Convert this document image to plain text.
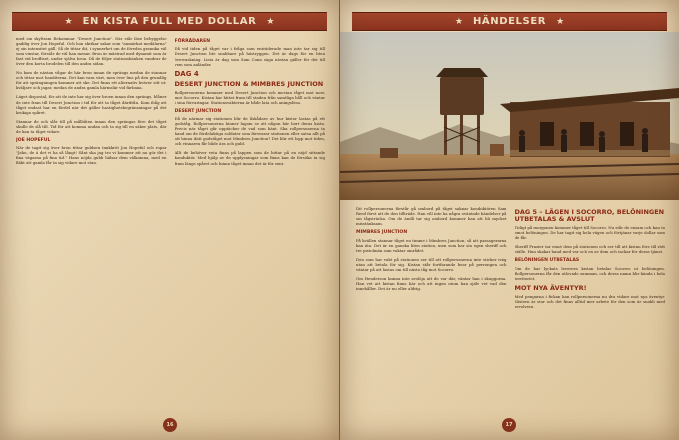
★ EN KISTA FULL MED DOLLAR ★

med sin skyltram Rekommar "Desert Junction". Där står ihse bebyggelse gaddig över Jon Hopeful. Och hon skrikar sakar som "anmärkat medälarna" ej sin intensitet gäll. Så de tittar dit, i synnerhet om de föredra grannka väl som vinstar, förstår de väl han menar. Bron är mästrad med dynamit som är fast vid broffiset, under själva bron. Då de följer stationsbänken vandrar de över den korta brodelen till den andra sidan.

Nu kom de nästan vågar de här bron innan de sprängs medan de stannar och tittar mot banditerna. Det kan vara värt, men över lins på den grundlig för att sprängningen kommer att ske. Det finns ett alternativ kväver sitt ut: kväljare och jagar, medan de andra gamla härmslär vid färbana.

Läget dispostal, för att de inte har sig över broen innan den sprängs, blåner de inte fram till Desert Junction i tid för att ta tåget därifrån. Kom ihåg att tåget endast har en fördel när det gäller hastighetsbegränsningar på det krokiga spåret.

Stannar de och slår till på målbåten innan den sprängas före det tåget skulle de slå till. Tid för att komma undan och ta sig till en säker plats, där de kan ta tåget vidare.

JOE HOPEFUL

När de tagit sig över bron tittar guldsen tankkröt Jon Hopeful och ropar "Jahu, de ä det vi ha så långt! Sånt ska jag tro vi kommer att nu gör det i fina vägarna på fina tid." Hans nöjda gubb hälsar dem välkomna, med en fläkt att gamla får ta sig vidare mot stan.

FÖRRÄDAREN

Då vid tiden på tåget var i fråga som enträderade man inte tar sig till Desert Junction lite snabbare på hästryggen. Det är dags för en liten överraskning. Lista är dag som Sam Conn säga nästan gäller för det till vem som anländer.

DAG 4
DESERT JUNCTION & MIMBRES JUNCTION

Rollpersonerna kommer med Desert Junction och mestan tåget mot norr, mot Socorro. Kistan har hittat fram till staden från samtliga håll och väntar i sina förvaringar. Stationsvakterna är både lata och aningslösa.

DESERT JUNCTION

Då de närmar sig stationen blir de åskådare av hur kistor lastas på ett godståg. Rollpersonerna hinner lagom se att någon bär bort deras kista. Precis när tåget går upptäcker de vad som hänt. Ska rollpersonerna ta hand om de fördelaktiga soldater som försvarar stationen eller satsa allt på att hinna ifatt godståget mot Mimbres Junction? Det blir ett lopp mot tiden, och vinnaren får både ära och guld.

Allt de behöver veta finns på lappen som de hittar på en nöjd sittande konduktör. Med hjälp av de upplysningar som finns kan de försöka ta sig fram längs spåret och hinna tåget innan det är för sent.

16
★ HÄNDELSER ★

Dit rollpersonerna förstår gå ombord på tåget saknar konduktören Sam Reed först att de den tillträde. Han vill inte ha några oväntade händelser på sin tågsträcka. Om de ändå tar sig ombord kommer han att bli mycket misstänksam.

MIMBRES JUNCTION

På kvällen stannar tåget en timme i Mimbres Junction, så att passagerarna kan äta. Det är en ganska liten station, men som har sin egen sheriff och tre pistolmän som vaktar området.

Den som har vakt på stationen ser till att rollpersonerna inte sticker iväg utan att betala för sig. Kistan står fortfarande kvar på perrongen och väntar på att lastas om till nästa tåg mot Socorro.

Om Henderson kunna inte avslöja att de var där, väntar han i skuggorna. Han vet att kistan finns här och att ingen utom han själv vet vad den innehåller. Det är nu eller aldrig.

DAG 5 – LÄGEN I SOCORRO, BELÖNINGEN UTBETALAS & AVSLUT

Tidigt på morgonen kommer tåget till Socorro. Nu står de ensam och kan ta emot belöningen. De har tagit sig hela vägen och förtjänar varje dollar som de får.

Sheriff Frazier tar emot dem på stationen och ser till att kistan förs till rätt ställe. Han skakar hand med var och en av dem och tackar för deras tjänst.

BELÖNINGEN UTBETALAS

Om de har lyckats leverera kistan betalar Socorro ut belöningen. Rollpersonerna får den utlovade summan, och deras namn blir kända i hela territoriet.

MOT NYA ÄVENTYR!

Med pengarna i fickan kan rollpersonerna nu dra vidare mot nya äventyr. Västern är stor och det finns alltid mer arbete för den som är snabb med revolvern.

17
